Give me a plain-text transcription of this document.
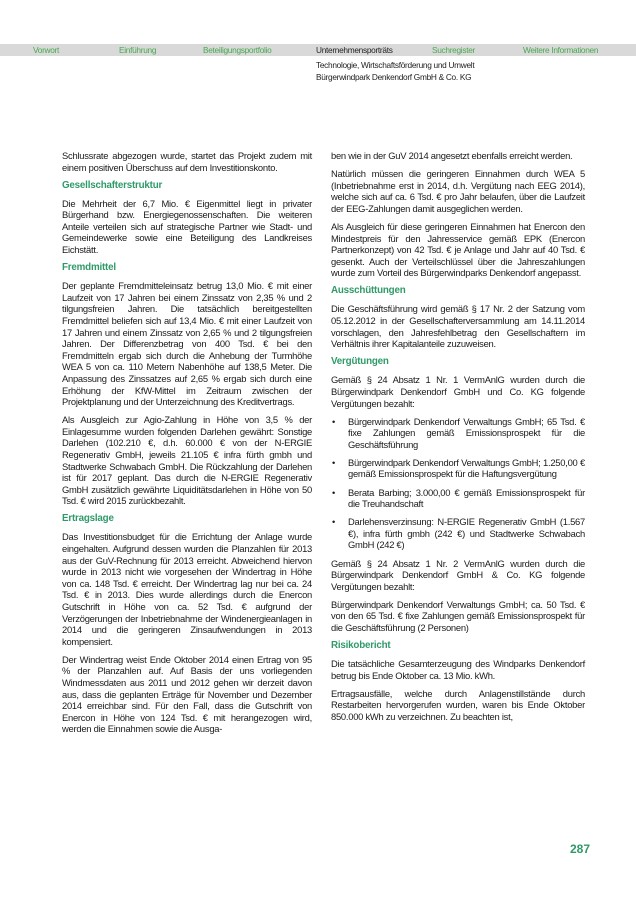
Vorwort	Einführung	Beteiligungsportfolio	Unternehmensporträts	Suchregister	Weitere Informationen
Technologie, Wirtschaftsförderung und Umwelt
Bürgerwindpark Denkendorf GmbH & Co. KG

Schlussrate abgezogen wurde, startet das Projekt zudem mit einem positiven Überschuss auf dem Investitionskonto.

Gesellschafterstruktur

Die Mehrheit der 6,7 Mio. € Eigenmittel liegt in privater Bürgerhand bzw. Energiegenossenschaften. Die weiteren Anteile verteilen sich auf strategische Partner wie Stadt- und Gemeindewerke sowie eine Beteiligung des Landkreises Eichstätt.

Fremdmittel

Der geplante Fremdmitteleinsatz betrug 13,0 Mio. € mit einer Laufzeit von 17 Jahren bei einem Zinssatz von 2,35 % und 2 tilgungsfreien Jahren. Die tatsächlich bereitgestellten Fremdmittel beliefen sich auf 13,4 Mio. € mit einer Laufzeit von 17 Jahren und einem Zinssatz von 2,65 % und 2 tilgungsfreien Jahren. Der Differenzbetrag von 400 Tsd. € bei den Fremdmitteln ergab sich durch die Anhebung der Turmhöhe WEA 5 von ca. 110 Metern Nabenhöhe auf 138,5 Meter. Die Anpassung des Zinssatzes auf 2,65 % ergab sich durch eine Erhöhung der KfW-Mittel im Zeitraum zwischen der Projektplanung und der Unterzeichnung des Kreditvertrags.

Als Ausgleich zur Agio-Zahlung in Höhe von 3,5 % der Einlagesumme wurden folgenden Darlehen gewährt: Sonstige Darlehen (102.210 €, d.h. 60.000 € von der N-ERGIE Regenerativ GmbH, jeweils 21.105 € infra fürth gmbh und Stadtwerke Schwabach GmbH. Die Rückzahlung der Darlehen ist für 2017 geplant. Das durch die N-ERGIE Regenerativ GmbH zusätzlich gewährte Liquiditätsdarlehen in Höhe von 50 Tsd. € wird 2015 zurückbezahlt.

Ertragslage

Das Investitionsbudget für die Errichtung der Anlage wurde eingehalten. Aufgrund dessen wurden die Planzahlen für 2013 aus der GuV-Rechnung für 2013 erreicht. Abweichend hiervon wurde in 2013 nicht wie vorgesehen der Windertrag in Höhe von ca. 148 Tsd. € erreicht. Der Windertrag lag nur bei ca. 24 Tsd. € in 2013. Dies wurde allerdings durch die Enercon Gutschrift in Höhe von ca. 52 Tsd. € aufgrund der Verzögerungen der Inbetriebnahme der Windenergieanlagen in 2014 und die geringeren Zinsaufwendungen in 2013 kompensiert.

Der Windertrag weist Ende Oktober 2014 einen Ertrag von 95 % der Planzahlen auf. Auf Basis der uns vorliegenden Windmessdaten aus 2011 und 2012 gehen wir derzeit davon aus, dass die geplanten Erträge für November und Dezember 2014 erreichbar sind. Für den Fall, dass die Gutschrift von Enercon in Höhe von 124 Tsd. € mit herangezogen wird, werden die Einnahmen sowie die Ausga-

ben wie in der GuV 2014 angesetzt ebenfalls erreicht werden.

Natürlich müssen die geringeren Einnahmen durch WEA 5 (Inbetriebnahme erst in 2014, d.h. Vergütung nach EEG 2014), welche sich auf ca. 6 Tsd. € pro Jahr belaufen, über die Laufzeit der EEG-Zahlungen damit ausgeglichen werden.

Als Ausgleich für diese geringeren Einnahmen hat Enercon den Mindestpreis für den Jahresservice gemäß EPK (Enercon Partnerkonzept) von 42 Tsd. € je Anlage und Jahr auf 40 Tsd. € gesenkt. Auch der Verteilschlüssel über die Jahreszahlungen wurde zum Vorteil des Bürgerwindparks Denkendorf angepasst.

Ausschüttungen

Die Geschäftsführung wird gemäß § 17 Nr. 2 der Satzung vom 05.12.2012 in der Gesellschafterversammlung am 14.11.2014 vorschlagen, den Jahresfehlbetrag den Gesellschaftern im Verhältnis ihrer Kapitalanteile zuzuweisen.

Vergütungen

Gemäß § 24 Absatz 1 Nr. 1 VermAnlG wurden durch die Bürgerwindpark Denkendorf GmbH und Co. KG folgende Vergütungen bezahlt:

• Bürgerwindpark Denkendorf Verwaltungs GmbH; 65 Tsd. € fixe Zahlungen gemäß Emissionsprospekt für die Geschäftsführung
• Bürgerwindpark Denkendorf Verwaltungs GmbH; 1.250,00 € gemäß Emissionsprospekt für die Haftungsvergütung
• Berata Barbing; 3.000,00 € gemäß Emissionsprospekt für die Treuhandschaft
• Darlehensverzinsung: N-ERGIE Regenerativ GmbH (1.567 €), infra fürth gmbh (242 €) und Stadtwerke Schwabach GmbH (242 €)

Gemäß § 24 Absatz 1 Nr. 2 VermAnlG wurden durch die Bürgerwindpark Denkendorf GmbH & Co. KG folgende Vergütungen bezahlt:

Bürgerwindpark Denkendorf Verwaltungs GmbH; ca. 50 Tsd. € von den 65 Tsd. € fixe Zahlungen gemäß Emissionsprospekt für die Geschäftsführung (2 Personen)

Risikobericht

Die tatsächliche Gesamterzeugung des Windparks Denkendorf betrug bis Ende Oktober ca. 13 Mio. kWh.

Ertragsausfälle, welche durch Anlagenstillstände durch Restarbeiten hervorgerufen wurden, waren bis Ende Oktober 850.000 kWh zu verzeichnen. Zu beachten ist,

287
